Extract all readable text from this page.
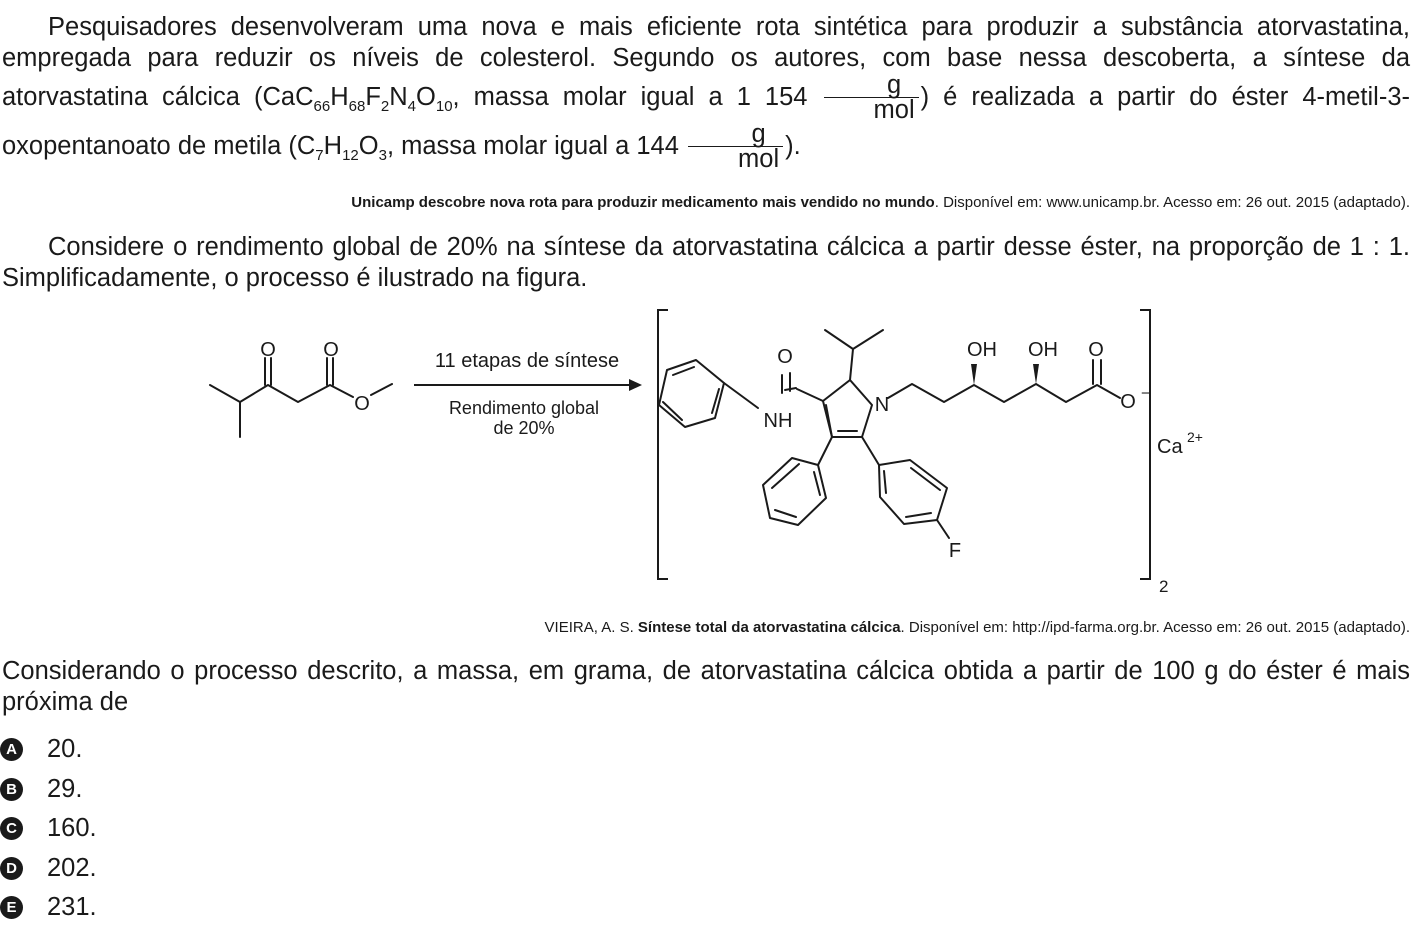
Pesquisadores desenvolveram uma nova e mais eficiente rota sintética para produzir a substância atorvastatina, empregada para reduzir os níveis de colesterol. Segundo os autores, com base nessa descoberta, a síntese da atorvastatina cálcica ($CaC_{66}H_{68}F_2N_4O_{10}$, massa molar igual a 1 $154 \frac{g}{\text{mol}}$ ) é realizada a partir do éster 4-metil-3-oxopentanoato de metila ($C_7H_{12}O_3$, massa molar igual a $144 \frac{g}{\text{mol}}$ ).

Unicamp descobre nova rota para produzir medicamento mais vendido no mundo. Disponível em: www.unicamp.br. Acesso em: 26 out. 2015 (adaptado).

Considere o rendimento global de 20% na síntese da atorvastatina cálcica a partir desse éster, na proporção de 1 : 1. Simplificadamente, o processo é ilustrado na figura.

O O
O
11 etapas de síntese
Rendimento global
de 20%
O
NH
N
OH OH O
O −
F
Ca 2+
2
VIEIRA, A. S. Síntese total da atorvastatina cálcica. Disponível em: http://ipd-farma.org.br. Acesso em: 26 out. 2015 (adaptado).

Considerando o processo descrito, a massa, em grama, de atorvastatina cálcica obtida a partir de 100 g do éster é mais próxima de

A 20.
B 29.
C 160.
D 202.
E 231.
